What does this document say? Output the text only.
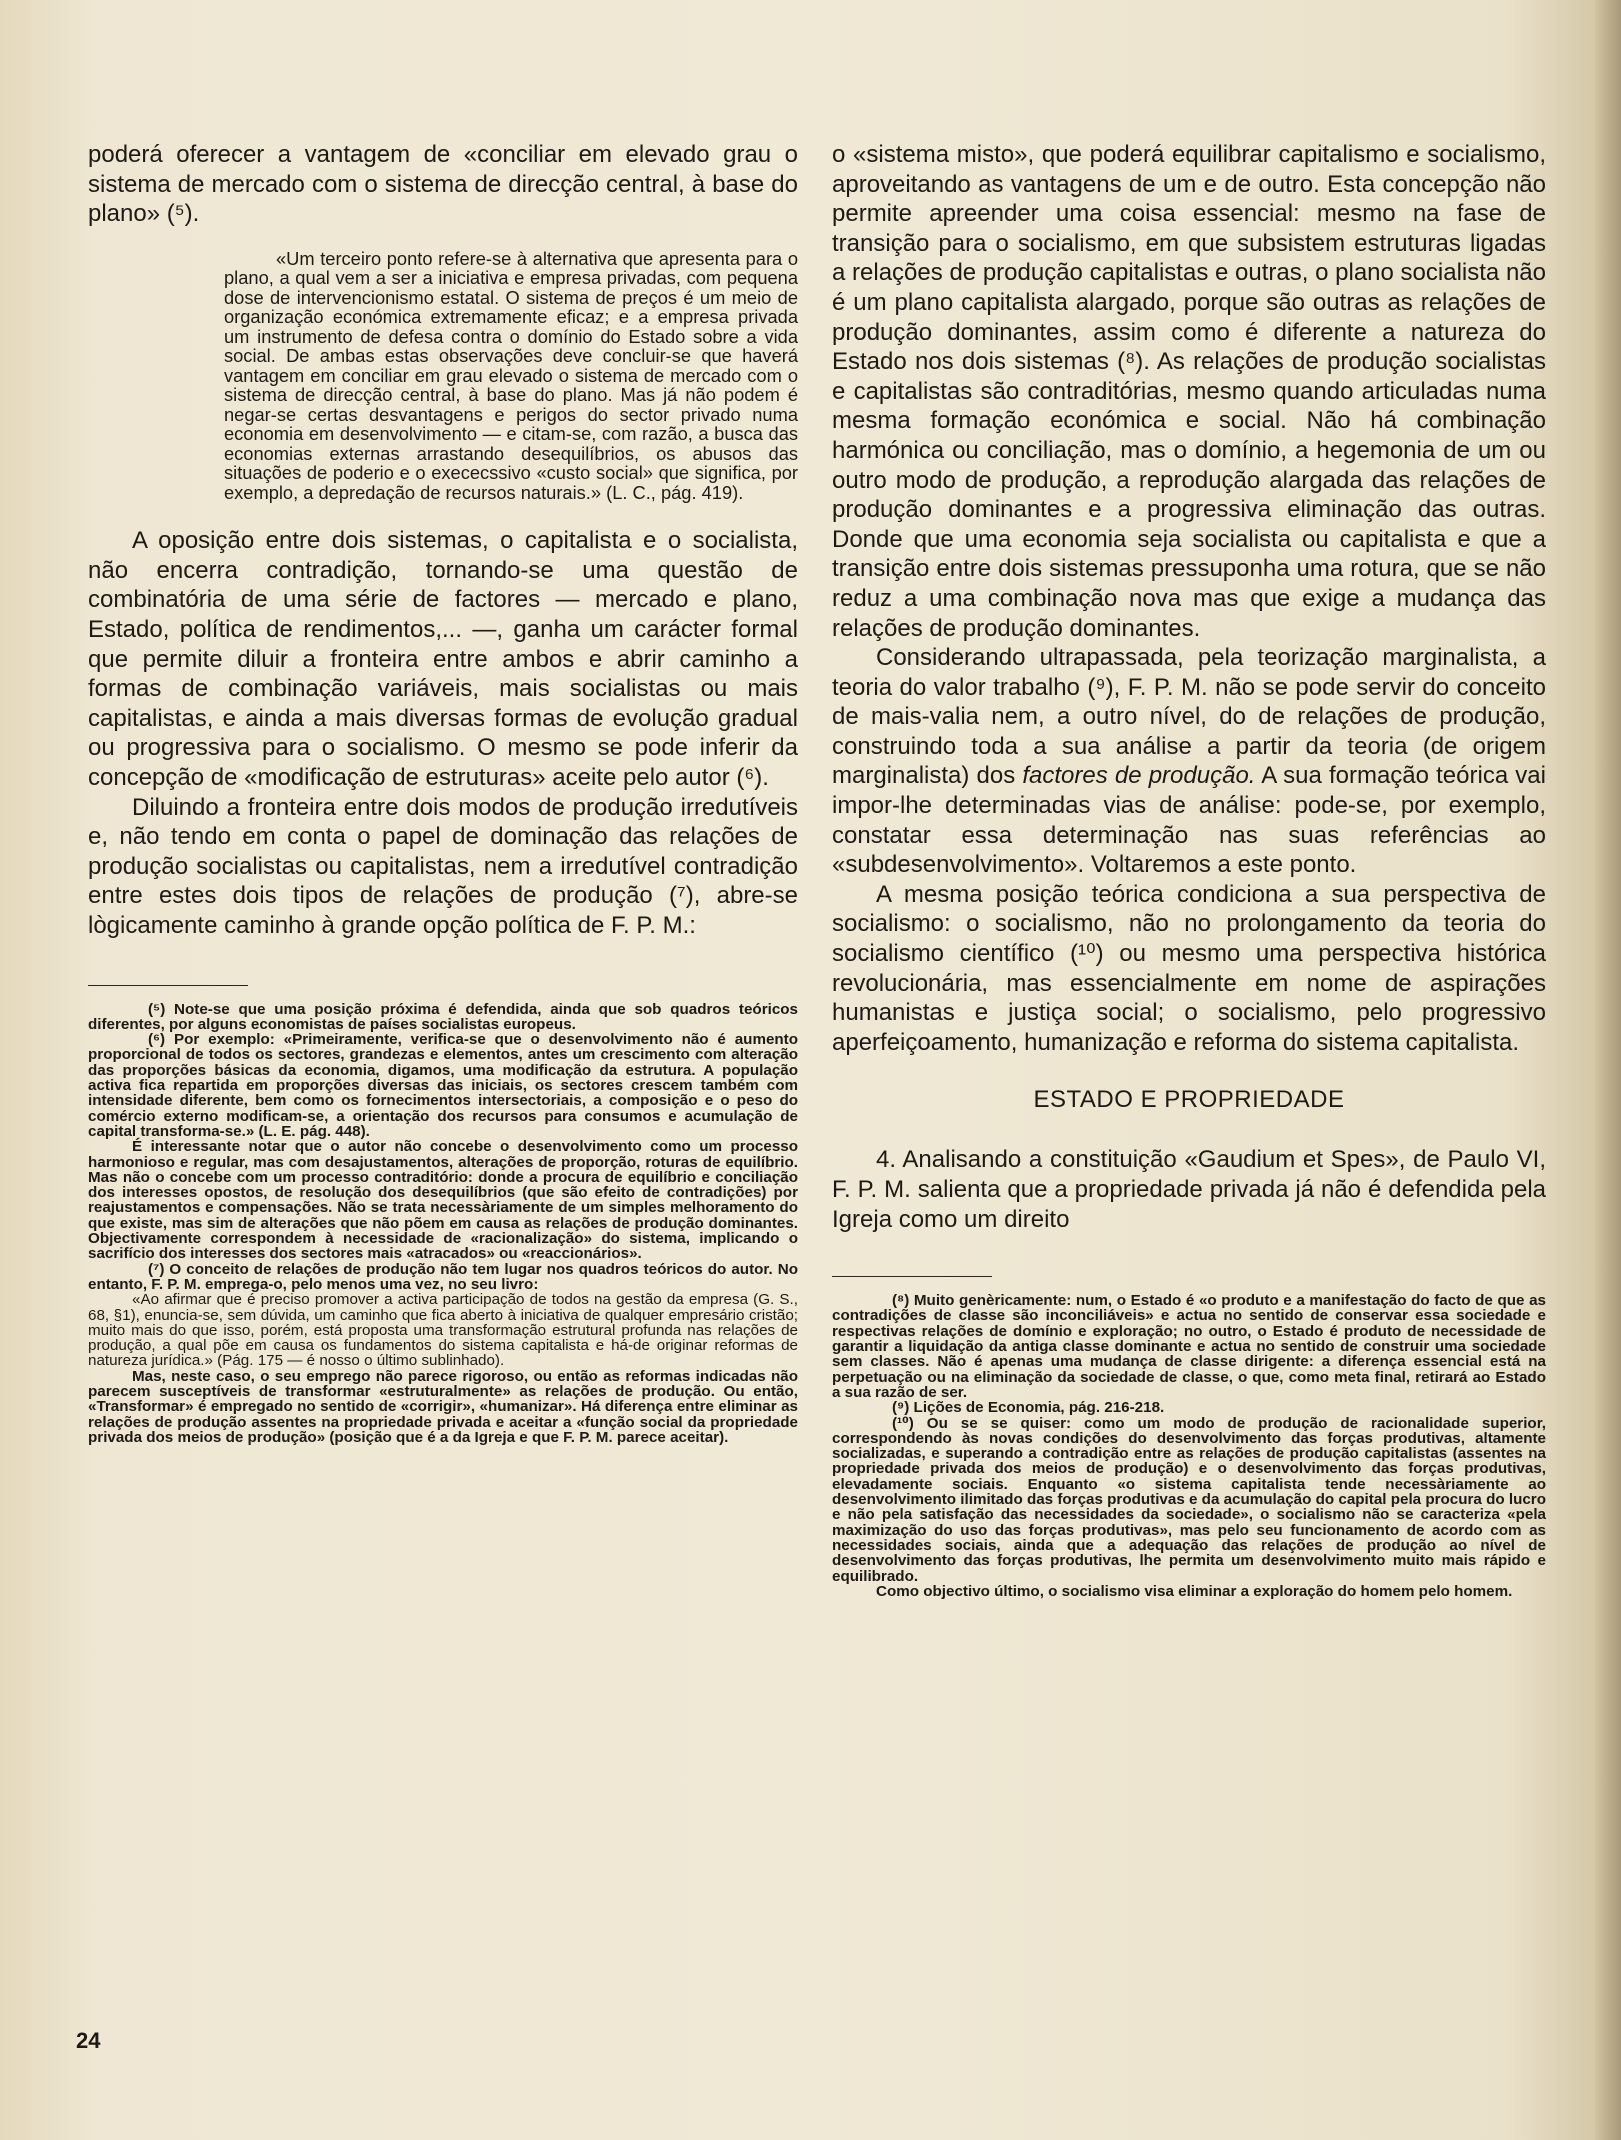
poderá oferecer a vantagem de «conciliar em elevado grau o sistema de mercado com o sistema de direcção central, à base do plano» (⁵).

«Um terceiro ponto refere-se à alternativa que apresenta para o plano, a qual vem a ser a iniciativa e empresa privadas, com pequena dose de intervencionismo estatal. O sistema de preços é um meio de organização económica extremamente eficaz; e a empresa privada um instrumento de defesa contra o domínio do Estado sobre a vida social. De ambas estas observações deve concluir-se que haverá vantagem em conciliar em grau elevado o sistema de mercado com o sistema de direcção central, à base do plano. Mas já não podem é negar-se certas desvantagens e perigos do sector privado numa economia em desenvolvimento — e citam-se, com razão, a busca das economias externas arrastando desequilíbrios, os abusos das situações de poderio e o exececssivo «custo social» que significa, por exemplo, a depredação de recursos naturais.» (L. C., pág. 419).

A oposição entre dois sistemas, o capitalista e o socialista, não encerra contradição, tornando-se uma questão de combinatória de uma série de factores — mercado e plano, Estado, política de rendimentos,... —, ganha um carácter formal que permite diluir a fronteira entre ambos e abrir caminho a formas de combinação variáveis, mais socialistas ou mais capitalistas, e ainda a mais diversas formas de evolução gradual ou progressiva para o socialismo. O mesmo se pode inferir da concepção de «modificação de estruturas» aceite pelo autor (⁶).

Diluindo a fronteira entre dois modos de produção irredutíveis e, não tendo em conta o papel de dominação das relações de produção socialistas ou capitalistas, nem a irredutível contradição entre estes dois tipos de relações de produção (⁷), abre-se lògicamente caminho à grande opção política de F. P. M.:

(⁵) Note-se que uma posição próxima é defendida, ainda que sob quadros teóricos diferentes, por alguns economistas de países socialistas europeus.

(⁶) Por exemplo: «Primeiramente, verifica-se que o desenvolvimento não é aumento proporcional de todos os sectores, grandezas e elementos, antes um crescimento com alteração das proporções básicas da economia, digamos, uma modificação da estrutura. A população activa fica repartida em proporções diversas das iniciais, os sectores crescem também com intensidade diferente, bem como os fornecimentos intersectoriais, a composição e o peso do comércio externo modificam-se, a orientação dos recursos para consumos e acumulação de capital transforma-se.» (L. E. pág. 448).

É interessante notar que o autor não concebe o desenvolvimento como um processo harmonioso e regular, mas com desajustamentos, alterações de proporção, roturas de equilíbrio. Mas não o concebe com um processo contraditório: donde a procura de equilíbrio e conciliação dos interesses opostos, de resolução dos desequilíbrios (que são efeito de contradições) por reajustamentos e compensações. Não se trata necessàriamente de um simples melhoramento do que existe, mas sim de alterações que não põem em causa as relações de produção dominantes. Objectivamente correspondem à necessidade de «racionalização» do sistema, implicando o sacrifício dos interesses dos sectores mais «atracados» ou «reaccionários».

(⁷) O conceito de relações de produção não tem lugar nos quadros teóricos do autor. No entanto, F. P. M. emprega-o, pelo menos uma vez, no seu livro:

«Ao afirmar que é preciso promover a activa participação de todos na gestão da empresa (G. S., 68, §1), enuncia-se, sem dúvida, um caminho que fica aberto à iniciativa de qualquer empresário cristão; muito mais do que isso, porém, está proposta uma transformação estrutural profunda nas relações de produção, a qual põe em causa os fundamentos do sistema capitalista e há-de originar reformas de natureza jurídica.» (Pág. 175 — é nosso o último sublinhado).

Mas, neste caso, o seu emprego não parece rigoroso, ou então as reformas indicadas não parecem susceptíveis de transformar «estruturalmente» as relações de produção. Ou então, «Transformar» é empregado no sentido de «corrigir», «humanizar». Há diferença entre eliminar as relações de produção assentes na propriedade privada e aceitar a «função social da propriedade privada dos meios de produção» (posição que é a da Igreja e que F. P. M. parece aceitar).

o «sistema misto», que poderá equilibrar capitalismo e socialismo, aproveitando as vantagens de um e de outro. Esta concepção não permite apreender uma coisa essencial: mesmo na fase de transição para o socialismo, em que subsistem estruturas ligadas a relações de produção capitalistas e outras, o plano socialista não é um plano capitalista alargado, porque são outras as relações de produção dominantes, assim como é diferente a natureza do Estado nos dois sistemas (⁸). As relações de produção socialistas e capitalistas são contraditórias, mesmo quando articuladas numa mesma formação económica e social. Não há combinação harmónica ou conciliação, mas o domínio, a hegemonia de um ou outro modo de produção, a reprodução alargada das relações de produção dominantes e a progressiva eliminação das outras. Donde que uma economia seja socialista ou capitalista e que a transição entre dois sistemas pressuponha uma rotura, que se não reduz a uma combinação nova mas que exige a mudança das relações de produção dominantes.

Considerando ultrapassada, pela teorização marginalista, a teoria do valor trabalho (⁹), F. P. M. não se pode servir do conceito de mais-valia nem, a outro nível, do de relações de produção, construindo toda a sua análise a partir da teoria (de origem marginalista) dos factores de produção. A sua formação teórica vai impor-lhe determinadas vias de análise: pode-se, por exemplo, constatar essa determinação nas suas referências ao «subdesenvolvimento». Voltaremos a este ponto.

A mesma posição teórica condiciona a sua perspectiva de socialismo: o socialismo, não no prolongamento da teoria do socialismo científico (¹⁰) ou mesmo uma perspectiva histórica revolucionária, mas essencialmente em nome de aspirações humanistas e justiça social; o socialismo, pelo progressivo aperfeiçoamento, humanização e reforma do sistema capitalista.

ESTADO E PROPRIEDADE

4. Analisando a constituição «Gaudium et Spes», de Paulo VI, F. P. M. salienta que a propriedade privada já não é defendida pela Igreja como um direito

(⁸) Muito genèricamente: num, o Estado é «o produto e a manifestação do facto de que as contradições de classe são inconciliáveis» e actua no sentido de conservar essa sociedade e respectivas relações de domínio e exploração; no outro, o Estado é produto de necessidade de garantir a liquidação da antiga classe dominante e actua no sentido de construir uma sociedade sem classes. Não é apenas uma mudança de classe dirigente: a diferença essencial está na perpetuação ou na eliminação da sociedade de classe, o que, como meta final, retirará ao Estado a sua razão de ser.

(⁹) Lições de Economia, pág. 216-218.

(¹⁰) Ou se se quiser: como um modo de produção de racionalidade superior, correspondendo às novas condições do desenvolvimento das forças produtivas, altamente socializadas, e superando a contradição entre as relações de produção capitalistas (assentes na propriedade privada dos meios de produção) e o desenvolvimento das forças produtivas, elevadamente sociais. Enquanto «o sistema capitalista tende necessàriamente ao desenvolvimento ilimitado das forças produtivas e da acumulação do capital pela procura do lucro e não pela satisfação das necessidades da sociedade», o socialismo não se caracteriza «pela maximização do uso das forças produtivas», mas pelo seu funcionamento de acordo com as necessidades sociais, ainda que a adequação das relações de produção ao nível de desenvolvimento das forças produtivas, lhe permita um desenvolvimento muito mais rápido e equilibrado.

Como objectivo último, o socialismo visa eliminar a exploração do homem pelo homem.

24
